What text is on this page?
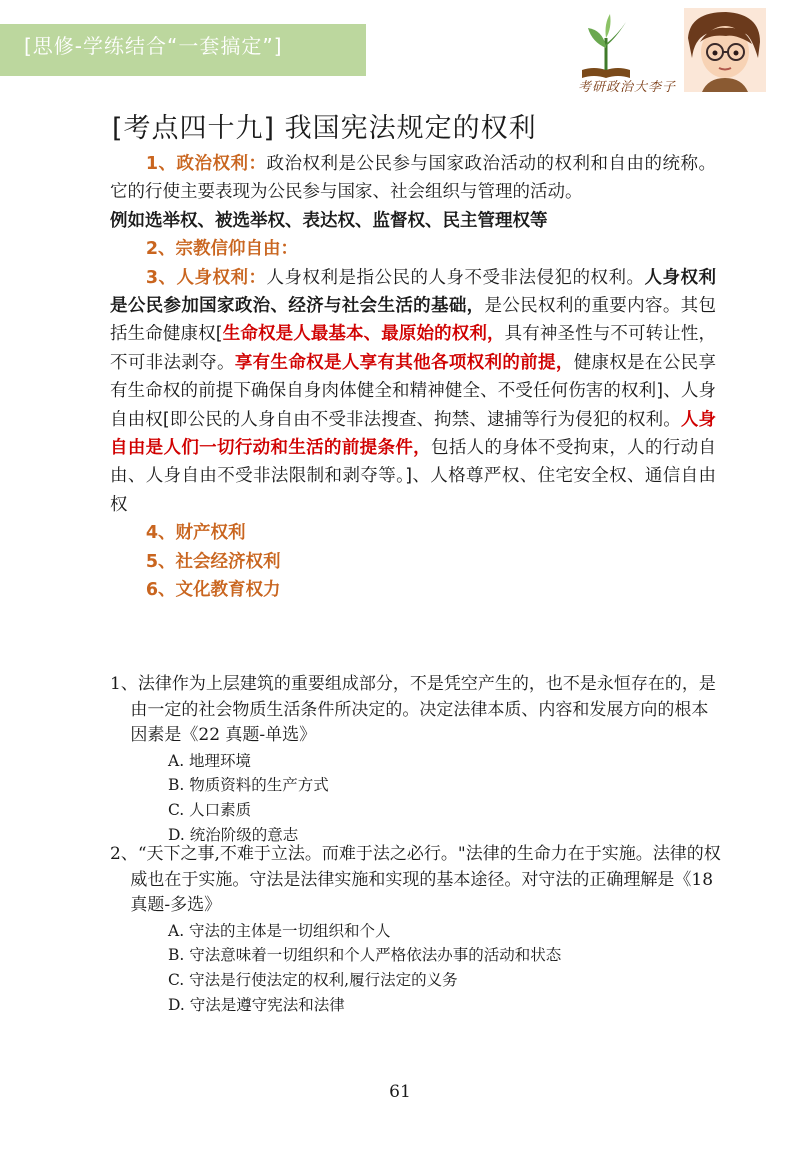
[思修-学练结合“一套搞定”]
考研政治大李子
[考点四十九] 我国宪法规定的权利

1、政治权利：政治权利是公民参与国家政治活动的权利和自由的统称。它的行使主要表现为公民参与国家、社会组织与管理的活动。
例如选举权、被选举权、表达权、监督权、民主管理权等

2、宗教信仰自由：

3、人身权利：人身权利是指公民的人身不受非法侵犯的权利。人身权利是公民参加国家政治、经济与社会生活的基础，是公民权利的重要内容。其包括生命健康权[生命权是人最基本、最原始的权利，具有神圣性与不可转让性，不可非法剥夺。享有生命权是人享有其他各项权利的前提，健康权是在公民享有生命权的前提下确保自身肉体健全和精神健全、不受任何伤害的权利]、人身自由权[即公民的人身自由不受非法搜查、拘禁、逮捕等行为侵犯的权利。人身自由是人们一切行动和生活的前提条件，包括人的身体不受拘束，人的行动自由、人身自由不受非法限制和剥夺等。]、人格尊严权、住宅安全权、通信自由权

4、财产权利

5、社会经济权利

6、文化教育权力

1、法律作为上层建筑的重要组成部分，不是凭空产生的，也不是永恒存在的，是由一定的社会物质生活条件所决定的。决定法律本质、内容和发展方向的根本因素是《22 真题-单选》

A. 地理环境

B. 物质资料的生产方式

C. 人口素质

D. 统治阶级的意志

2、“天下之事,不难于立法。而难于法之必行。"法律的生命力在于实施。法律的权威也在于实施。守法是法律实施和实现的基本途径。对守法的正确理解是《18 真题-多选》

A. 守法的主体是一切组织和个人

B. 守法意味着一切组织和个人严格依法办事的活动和状态

C. 守法是行使法定的权利,履行法定的义务

D. 守法是遵守宪法和法律

61
